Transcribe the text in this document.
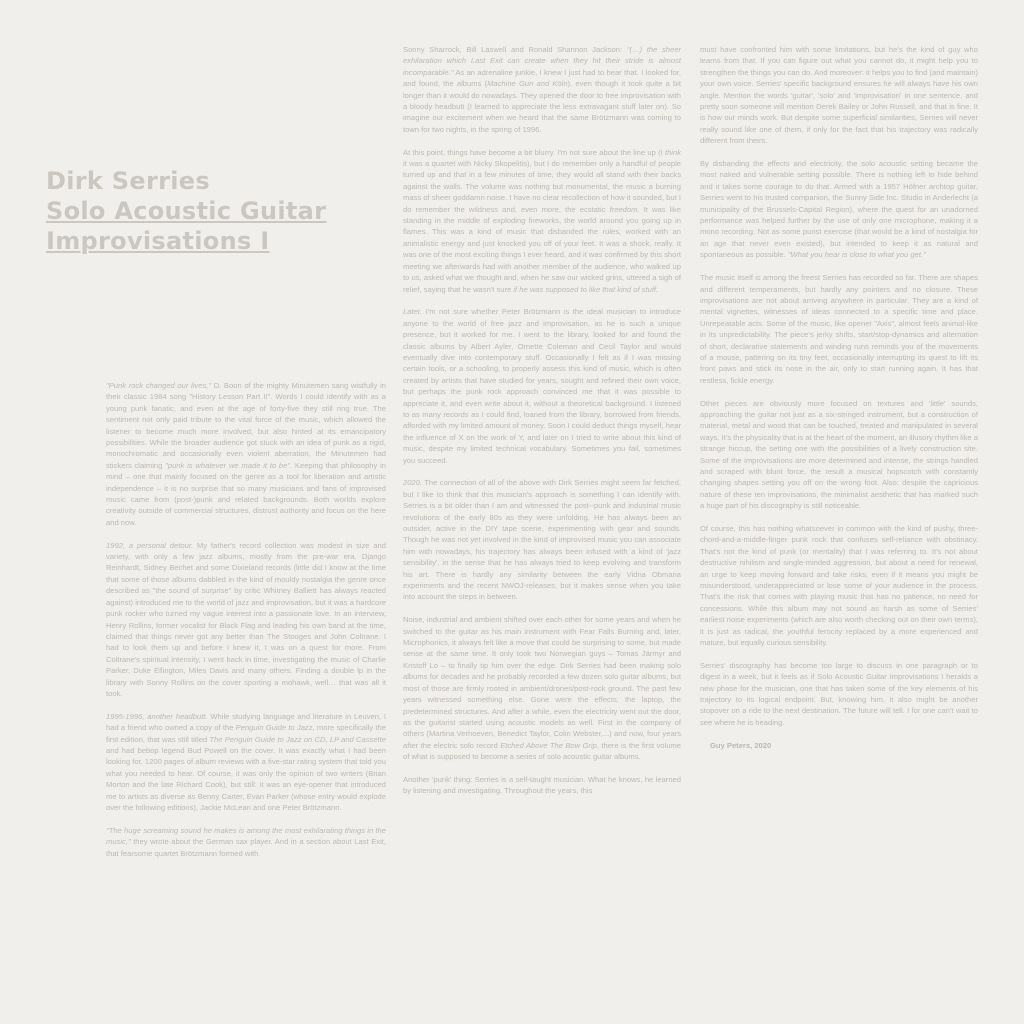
Dirk Serries
Solo Acoustic Guitar
Improvisations I

"Punk rock changed our lives," D. Boon of the mighty Minutemen sang wistfully in their classic 1984 song "History Lesson Part II". Words I could identify with as a young punk fanatic, and even at the age of forty-five they still ring true. The sentiment not only paid tribute to the vital force of the music, which allowed the listener to become much more involved, but also hinted at its emancipatory possibilities. While the broader audience got stuck with an idea of punk as a rigid, monochromatic and occasionally even violent aberration, the Minutemen had stickers claiming "punk is whatever we made it to be". Keeping that philosophy in mind – one that mainly focused on the genre as a tool for liberation and artistic independence – it is no surprise that so many musicians and fans of improvised music came from (post-)punk and related backgrounds. Both worlds explore creativity outside of commercial structures, distrust authority and focus on the here and now.

1992, a personal detour. My father's record collection was modest in size and variety, with only a few jazz albums, mostly from the pre-war era. Django Reinhardt, Sidney Bechet and some Dixieland records (little did I know at the time that some of those albums dabbled in the kind of mouldy nostalgia the genre once described as "the sound of surprise" by critic Whitney Balliett has always reacted against) introduced me to the world of jazz and improvisation, but it was a hardcore punk rocker who turned my vague interest into a passionate love. In an interview, Henry Rollins, former vocalist for Black Flag and leading his own band at the time, claimed that things never got any better than The Stooges and John Coltrane. I had to look them up and before I knew it, I was on a quest for more. From Coltrane's spiritual intensity, I went back in time, investigating the music of Charlie Parker, Duke Ellington, Miles Davis and many others. Finding a double lp in the library with Sonny Rollins on the cover sporting a mohawk, well… that was all it took.

1995-1996, another headbutt. While studying language and literature in Leuven, I had a friend who owned a copy of the Penguin Guide to Jazz, more specifically the first edition, that was still titled The Penguin Guide to Jazz on CD, LP and Cassette and had bebop legend Bud Powell on the cover. It was exactly what I had been looking for. 1200 pages of album reviews with a five-star rating system that told you what you needed to hear. Of course, it was only the opinion of two writers (Brian Morton and the late Richard Cook), but still: it was an eye-opener that introduced me to artists as diverse as Benny Carter, Evan Parker (whose entry would explode over the following editions), Jackie McLean and one Peter Brötzmann.

"The huge screaming sound he makes is among the most exhilarating things in the music," they wrote about the German sax player. And in a section about Last Exit, that fearsome quartet Brötzmann formed with

Sonny Sharrock, Bill Laswell and Ronald Shannon Jackson: "(…) the sheer exhilaration which Last Exit can create when they hit their stride is almost incomparable." As an adrenaline junkie, I knew I just had to hear that. I looked for, and found, the albums (Machine Gun and Köln), even though it took quite a bit longer than it would do nowadays. They opened the door to free improvisation with a bloody headbutt (I learned to appreciate the less extravagant stuff later on). So imagine our excitement when we heard that the same Brötzmann was coming to town for two nights, in the spring of 1996.

At this point, things have become a bit blurry. I'm not sure about the line up (I think it was a quartet with Nicky Skopelitis), but I do remember only a handful of people turned up and that in a few minutes of time, they would all stand with their backs against the walls. The volume was nothing but monumental, the music a burning mass of sheer goddamn noise. I have no clear recollection of how it sounded, but I do remember the wildness and, even more, the ecstatic freedom. It was like standing in the middle of exploding fireworks, the world around you going up in flames. This was a kind of music that disbanded the rules, worked with an animalistic energy and just knocked you off of your feet. It was a shock, really. It was one of the most exciting things I ever heard, and it was confirmed by this short meeting we afterwards had with another member of the audience, who walked up to us, asked what we thought and, when he saw our wicked grins, uttered a sigh of relief, saying that he wasn't sure if he was supposed to like that kind of stuff.

Later. I'm not sure whether Peter Brötzmann is the ideal musician to introduce anyone to the world of free jazz and improvisation, as he is such a unique presence, but it worked for me. I went to the library, looked for and found the classic albums by Albert Ayler, Ornette Coleman and Cecil Taylor and would eventually dive into contemporary stuff. Occasionally I felt as if I was missing certain tools, or a schooling, to properly assess this kind of music, which is often created by artists that have studied for years, sought and refined their own voice, but perhaps the punk rock approach convinced me that it was possible to appreciate it, and even write about it, without a theoretical background. I listened to as many records as I could find, loaned from the library, borrowed from friends, afforded with my limited amount of money. Soon I could deduct things myself, hear the influence of X on the work of Y, and later on I tried to write about this kind of music, despite my limited technical vocabulary. Sometimes you fail, sometimes you succeed.

2020. The connection of all of the above with Dirk Serries might seem far fetched, but I like to think that this musician's approach is something I can identify with. Serries is a bit older than I am and witnessed the post--punk and industrial music revolutions of the early 80s as they were unfolding. He has always been an outsider, active in the DIY tape scene, experimenting with gear and sounds. Though he was not yet involved in the kind of improvised music you can associate him with nowadays, his trajectory has always been infused with a kind of 'jazz sensibility', in the sense that he has always tried to keep evolving and transform his art. There is hardly any similarity between the early Vidna Obmana experiments and the recent NWOJ-releases, but it makes sense when you take into account the steps in between.

Noise, industrial and ambient shifted over each other for some years and when he switched to the guitar as his main instrument with Fear Falls Burning and, later, Microphonics, it always felt like a move that could be surprising to some, but made sense at the same time. It only took two Norwegian guys – Tomas Järmyr and Kristoff Lo – to finally tip him over the edge. Dirk Serries had been making solo albums for decades and he probably recorded a few dozen solo guitar albums, but most of those are firmly rooted in ambient/drones/post-rock ground. The past few years witnessed something else. Gone were the effects, the laptop, the predetermined structures. And after a while, even the electricity went out the door, as the guitarist started using acoustic models as well. First in the company of others (Martina Verhoeven, Benedict Taylor, Colin Webster,...) and now, four years after the electric solo record Etched Above The Bow Grip, there is the first volume of what is supposed to become a series of solo acoustic guitar albums.

Another 'punk' thing: Serries is a self-taught musician. What he knows, he learned by listening and investigating. Throughout the years, this

must have confronted him with some limitations, but he's the kind of guy who learns from that. If you can figure out what you cannot do, it might help you to strengthen the things you can do. And moreover: it helps you to find (and maintain) your own voice. Serries' specific background ensures he will always have his own angle. Mention the words 'guitar', 'solo' and 'improvisation' in one sentence, and pretty soon someone will mention Derek Bailey or John Russell, and that is fine. It is how our minds work. But despite some superficial similarities, Serries will never really sound like one of them, if only for the fact that his trajectory was radically different from theirs.

By disbanding the effects and electricity, the solo acoustic setting became the most naked and vulnerable setting possible. There is nothing left to hide behind and it takes some courage to do that. Armed with a 1957 Höfner archtop guitar, Serries went to his trusted companion, the Sunny Side Inc. Studio in Anderlecht (a municipality of the Brussels-Capital Region), where the quest for an unadorned performance was helped further by the use of only one microphone, making it a mono recording. Not as some purist exercise (that would be a kind of nostalgia for an age that never even existed), but intended to keep it as natural and spontaneous as possible. "What you hear is close to what you get."

The music itself is among the freest Serries has recorded so far. There are shapes and different temperaments, but hardly any pointers and no closure. These improvisations are not about arriving anywhere in particular. They are a kind of mental vignettes, witnesses of ideas connected to a specific time and place. Unrepeatable acts. Some of the music, like opener "Axis", almost feels animal-like in its unpredictability. The piece's jerky shifts, start/stop-dynamics and alternation of short, declarative statements and winding runs reminds you of the movements of a mouse, pattering on its tiny feet, occasionally interrupting its quest to lift its front paws and stick its nose in the air, only to start running again. It has that restless, fickle energy.

Other pieces are obviously more focused on textures and 'little' sounds, approaching the guitar not just as a six-stringed instrument, but a construction of material, metal and wood that can be touched, treated and manipulated in several ways. It's the physicality that is at the heart of the moment, an illusory rhythm like a strange hiccup, the setting one with the possibilities of a lively construction site. Some of the improvisations are more determined and intense, the strings handled and scraped with blunt force, the result a musical hopscotch with constantly changing shapes setting you off on the wrong foot. Also: despite the capricious nature of these ten improvisations, the minimalist aesthetic that has marked such a huge part of his discography is still noticeable.

Of course, this has nothing whatsoever in common with the kind of pushy, three-chord-and-a-middle-finger punk rock that confuses self-reliance with obstinacy. That's not the kind of punk (or mentality) that I was referring to. It's not about destructive nihilism and single-minded aggression, but about a need for renewal, an urge to keep moving forward and take risks, even if it means you might be misunderstood, underappreciated or lose some of your audience in the process. That's the risk that comes with playing music that has no patience, no need for concessions. While this album may not sound as harsh as some of Serries' earliest noise experiments (which are also worth checking out on their own terms), it is just as radical, the youthful ferocity replaced by a more experienced and mature, but equally curious sensibility.

Serries' discography has become too large to discuss in one paragraph or to digest in a week, but it feels as if Solo Acoustic Guitar Improvisations I heralds a new phase for the musician, one that has taken some of the key elements of his trajectory to its logical endpoint. But, knowing him, it also might be another stopover on a ride to the next destination. The future will tell. I for one can't wait to see where he is heading.

Guy Peters, 2020
